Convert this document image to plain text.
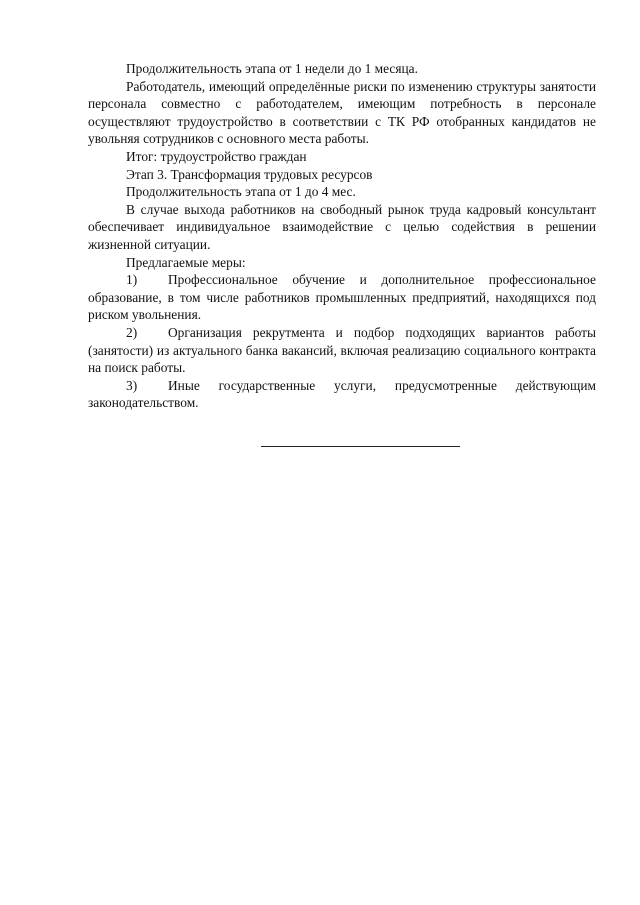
Продолжительность этапа от 1 недели до 1 месяца.

Работодатель, имеющий определённые риски по изменению структуры занятости персонала совместно с работодателем, имеющим потребность в персонале осуществляют трудоустройство в соответствии с ТК РФ отобранных кандидатов не увольняя сотрудников с основного места работы.

Итог: трудоустройство граждан

Этап 3. Трансформация трудовых ресурсов

Продолжительность этапа от 1 до 4 мес.

В случае выхода работников на свободный рынок труда кадровый консультант обеспечивает индивидуальное взаимодействие с целью содействия в решении жизненной ситуации.

Предлагаемые меры:

1) Профессиональное обучение и дополнительное профессиональное образование, в том числе работников промышленных предприятий, находящихся под риском увольнения.

2) Организация рекрутмента и подбор подходящих вариантов работы (занятости) из актуального банка вакансий, включая реализацию социального контракта на поиск работы.

3) Иные государственные услуги, предусмотренные действующим законодательством.
